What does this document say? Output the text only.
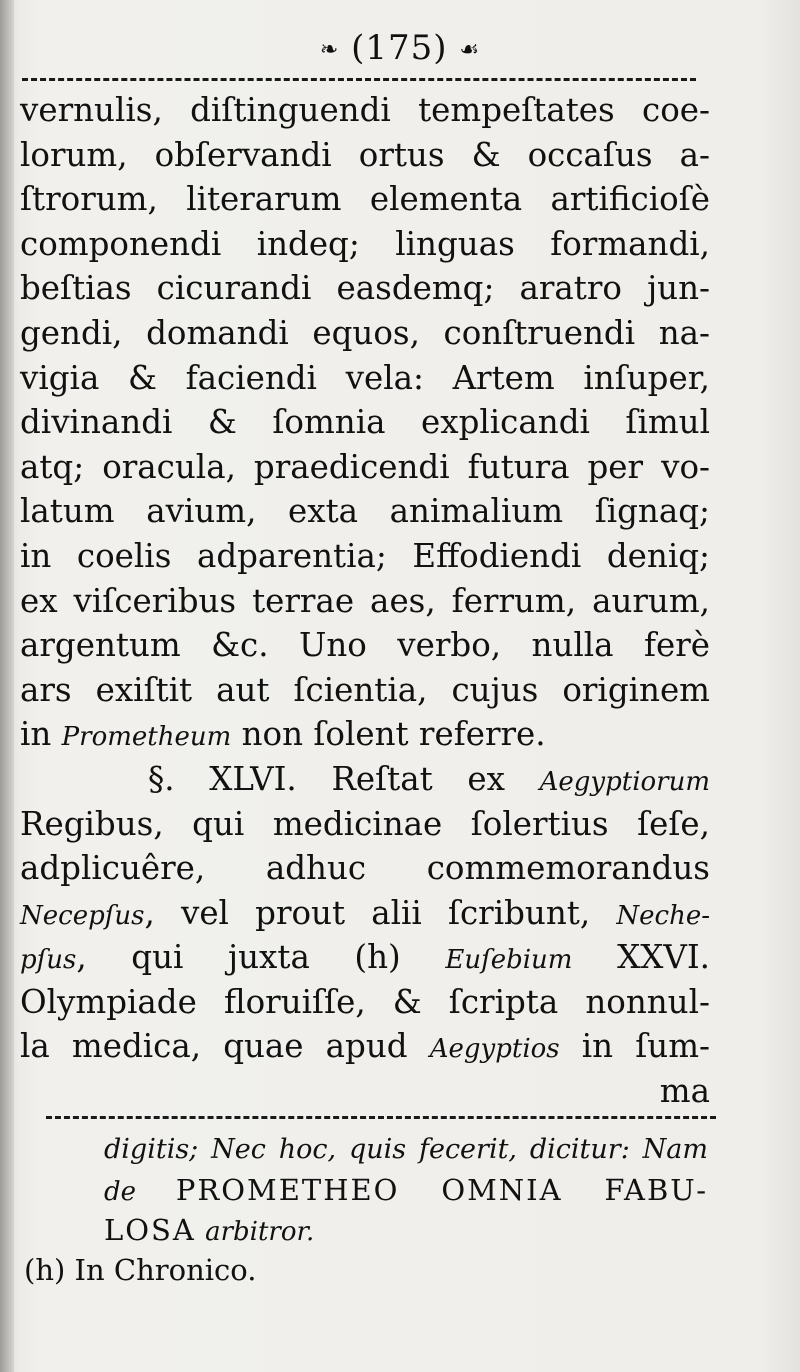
❧ (175) ☙
vernulis, diſtinguendi tempeſtates coe-
lorum, obſervandi ortus & occaſus a-
ſtrorum, literarum elementa artificioſè
componendi indeq; linguas formandi,
beſtias cicurandi easdemq; aratro jun-
gendi, domandi equos, conſtruendi na-
vigia & faciendi vela: Artem inſuper,
divinandi & ſomnia explicandi ſimul
atq; oracula, praedicendi futura per vo-
latum avium, exta animalium ſignaq;
in coelis adparentia; Effodiendi deniq;
ex viſceribus terrae aes, ferrum, aurum,
argentum &c. Uno verbo, nulla ferè
ars exiſtit aut ſcientia, cujus originem
in Prometheum non ſolent referre.
§. XLVI. Reſtat ex Aegyptiorum
Regibus, qui medicinae ſolertius ſeſe,
adplicuêre, adhuc commemorandus
Necepſus, vel prout alii ſcribunt, Neche-
pſus, qui juxta (h) Euſebium XXVI.
Olympiade floruiſſe, & ſcripta nonnul-
la medica, quae apud Aegyptios in ſum-
ma
digitis; Nec hoc, quis fecerit, dicitur: Nam
de PROMETHEO OMNIA FABU-
LOSA arbitror.
(h) In Chronico.
